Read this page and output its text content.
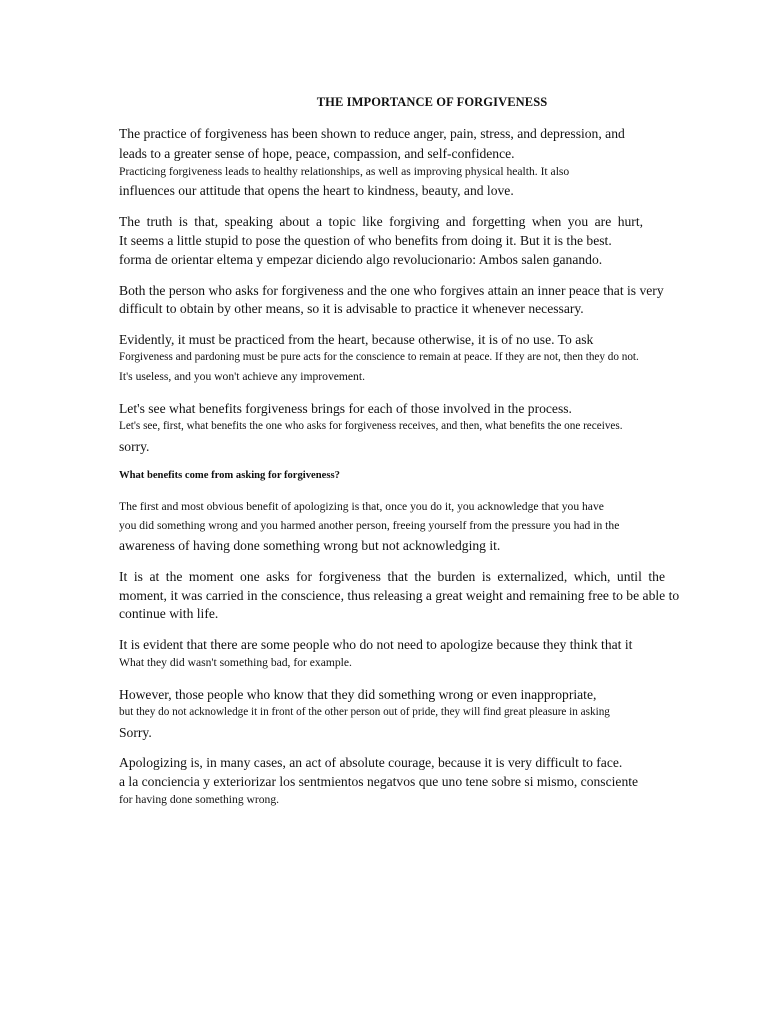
THE IMPORTANCE OF FORGIVENESS
The practice of forgiveness has been shown to reduce anger, pain, stress, and depression, and
leads to a greater sense of hope, peace, compassion, and self-confidence.
Practicing forgiveness leads to healthy relationships, as well as improving physical health. It also
influences our attitude that opens the heart to kindness, beauty, and love.
The truth is that, speaking about a topic like forgiving and forgetting when you are hurt,
It seems a little stupid to pose the question of who benefits from doing it. But it is the best.
forma de orientar eltema y empezar diciendo algo revolucionario: Ambos salen ganando.
Both the person who asks for forgiveness and the one who forgives attain an inner peace that is very
difficult to obtain by other means, so it is advisable to practice it whenever necessary.
Evidently, it must be practiced from the heart, because otherwise, it is of no use. To ask
Forgiveness and pardoning must be pure acts for the conscience to remain at peace. If they are not, then they do not.
It's useless, and you won't achieve any improvement.
Let's see what benefits forgiveness brings for each of those involved in the process.
Let's see, first, what benefits the one who asks for forgiveness receives, and then, what benefits the one receives.
sorry.
What benefits come from asking for forgiveness?
The first and most obvious benefit of apologizing is that, once you do it, you acknowledge that you have
you did something wrong and you harmed another person, freeing yourself from the pressure you had in the
awareness of having done something wrong but not acknowledging it.
It is at the moment one asks for forgiveness that the burden is externalized, which, until the
moment, it was carried in the conscience, thus releasing a great weight and remaining free to be able to
continue with life.
It is evident that there are some people who do not need to apologize because they think that it
What they did wasn't something bad, for example.
However, those people who know that they did something wrong or even inappropriate,
but they do not acknowledge it in front of the other person out of pride, they will find great pleasure in asking
Sorry.
Apologizing is, in many cases, an act of absolute courage, because it is very difficult to face.
a la conciencia y exteriorizar los sentmientos negatvos que uno tene sobre si mismo, consciente
for having done something wrong.
